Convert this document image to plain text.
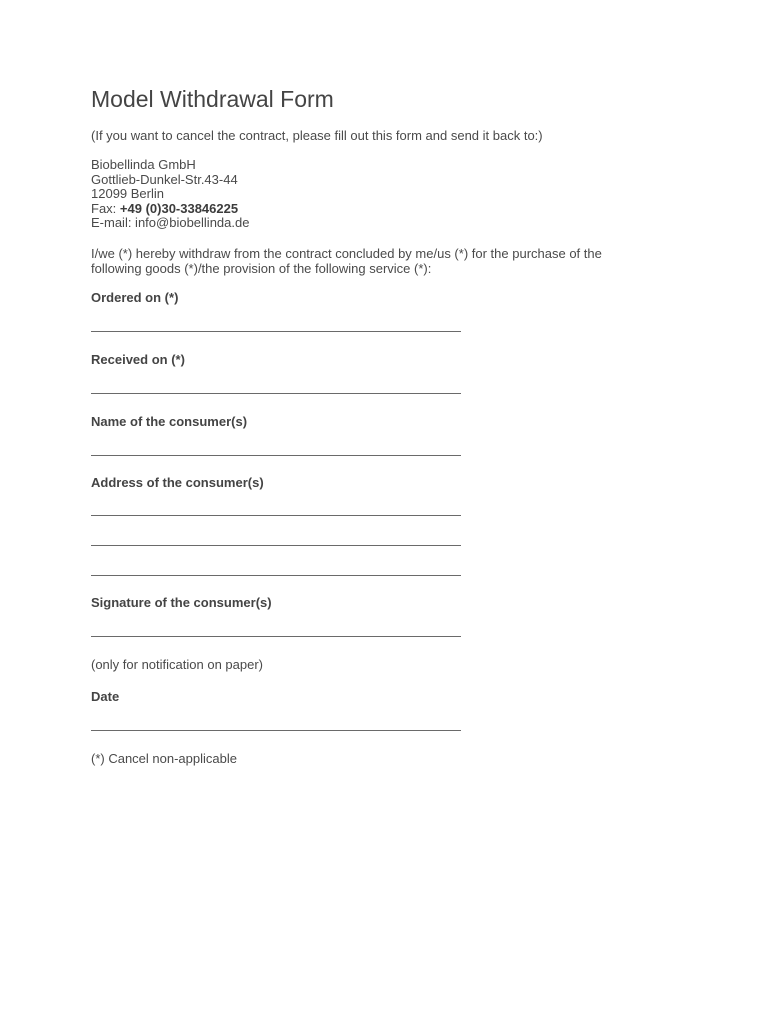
Model Withdrawal Form
(If you want to cancel the contract, please fill out this form and send it back to:)
Biobellinda GmbH
Gottlieb-Dunkel-Str.43-44
12099 Berlin
Fax: +49 (0)30-33846225
E-mail: info@biobellinda.de
I/we (*) hereby withdraw from the contract concluded by me/us (*) for the purchase of the
following goods (*)/the provision of the following service (*):
Ordered on (*)
Received on (*)
Name of the consumer(s)
Address of the consumer(s)
Signature of the consumer(s)
(only for notification on paper)
Date
(*) Cancel non-applicable
